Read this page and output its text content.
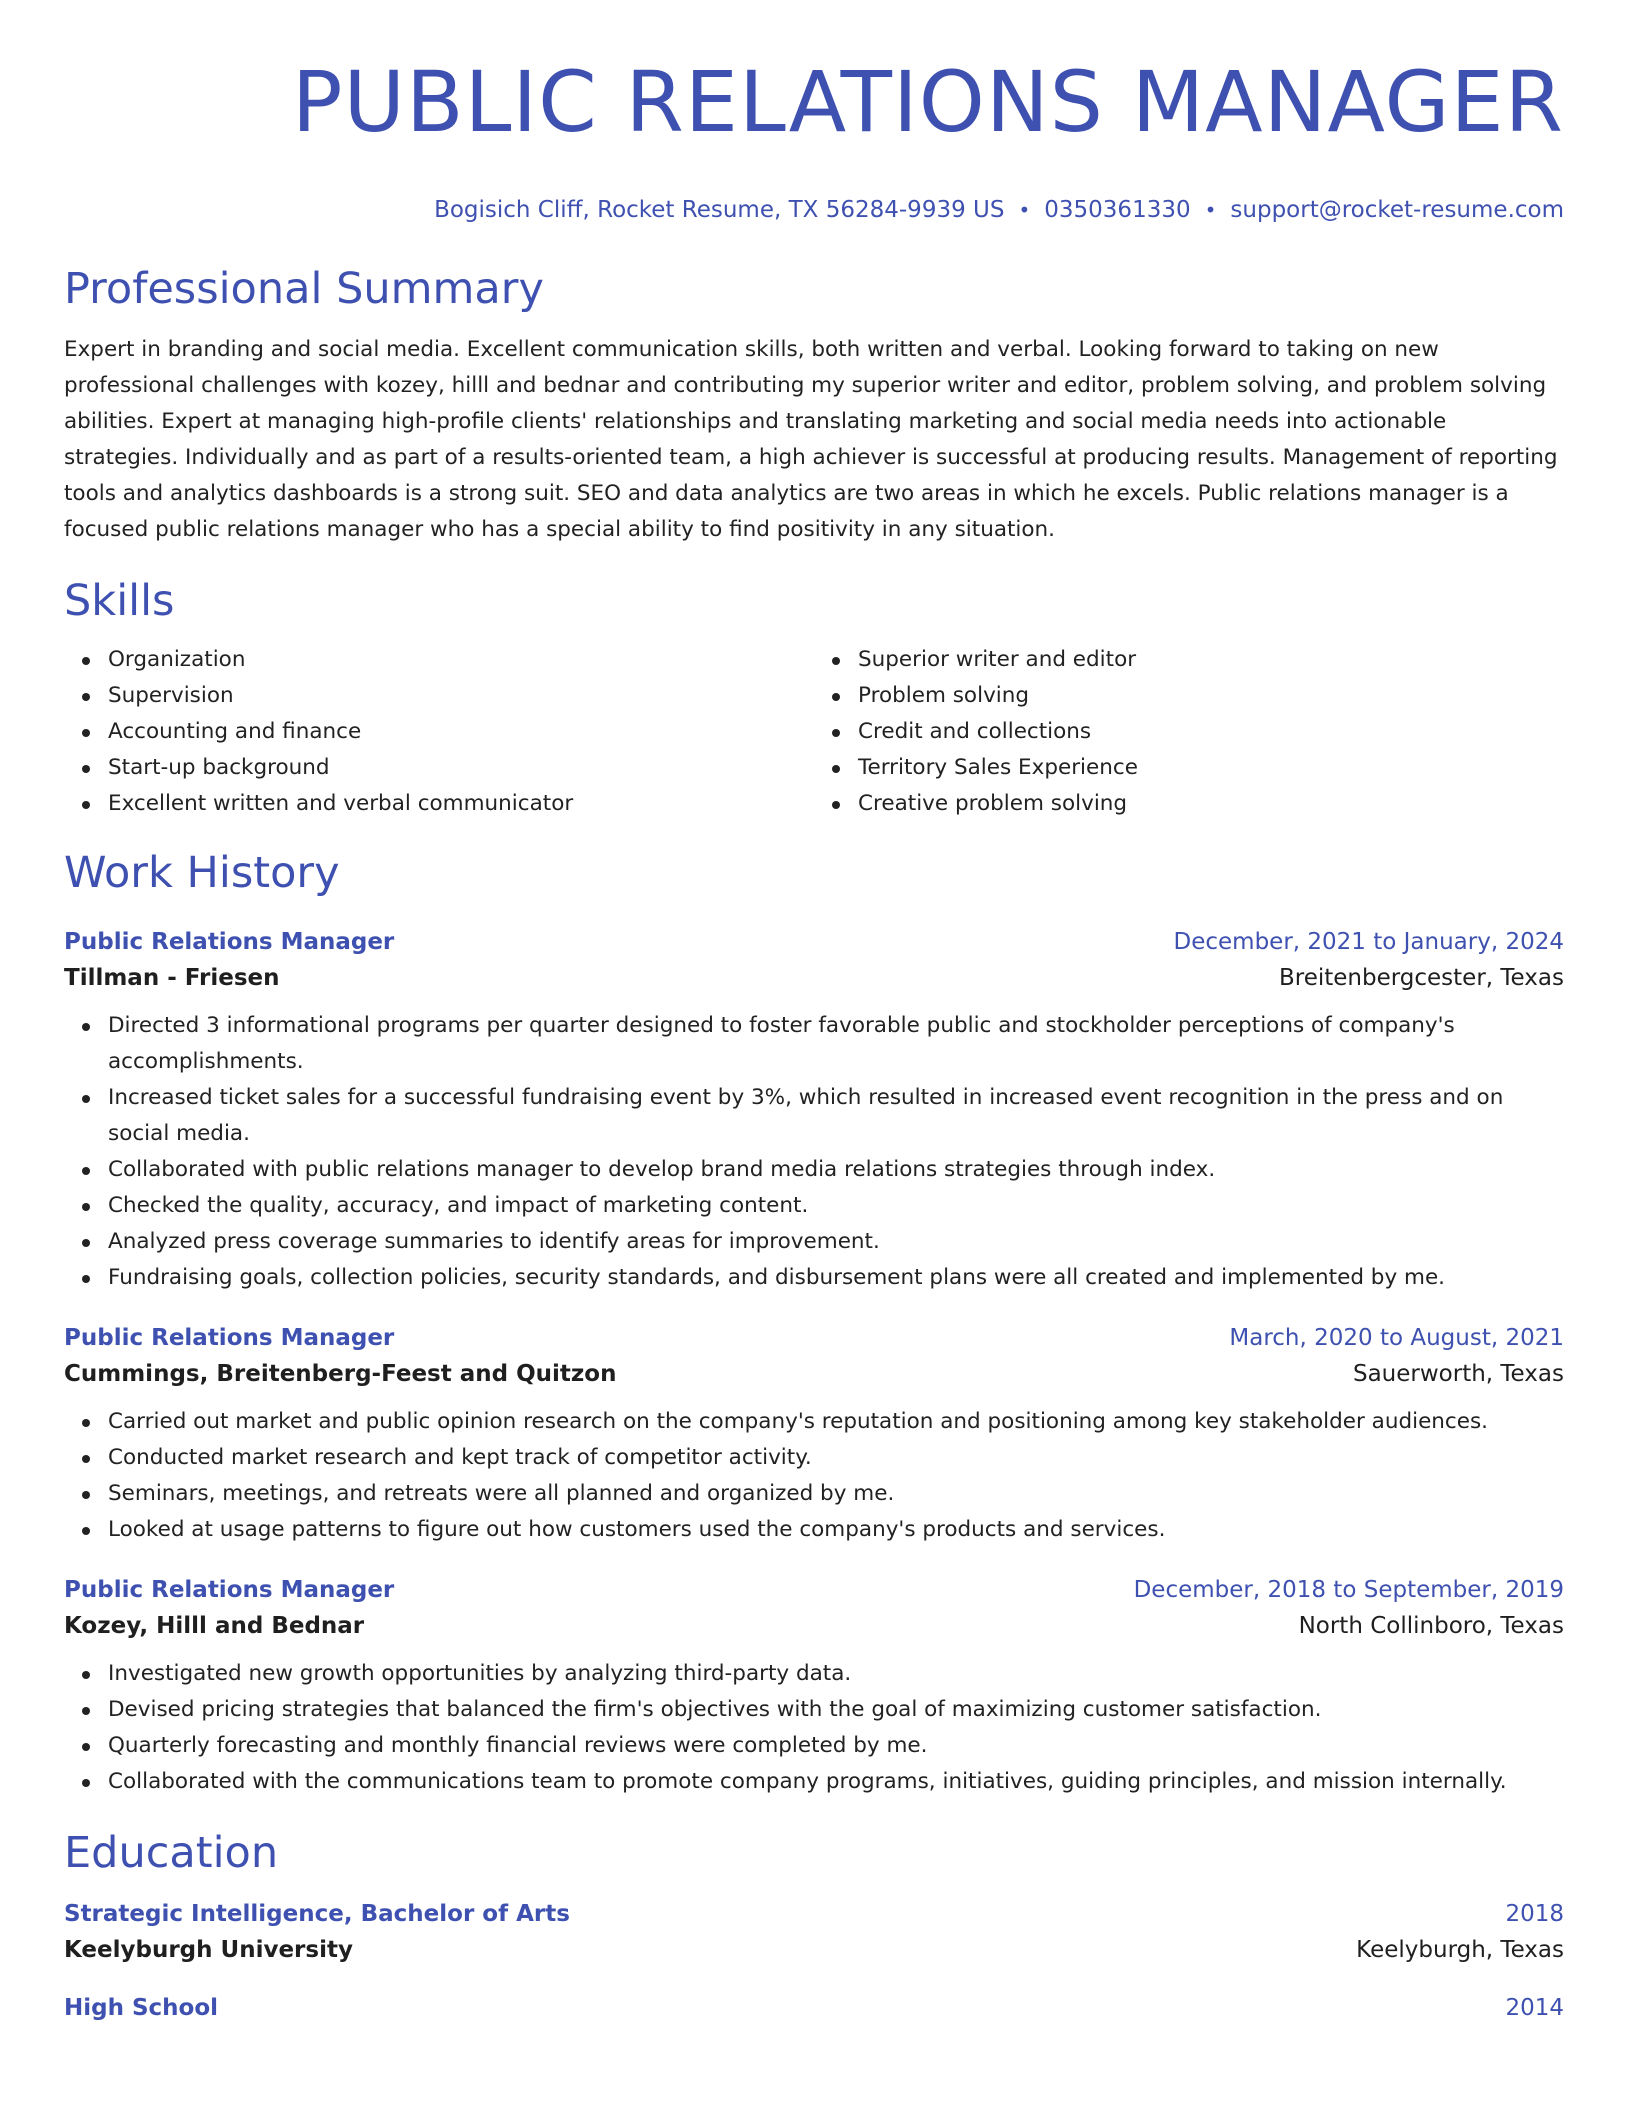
PUBLIC RELATIONS MANAGER
Bogisich Cliff, Rocket Resume, TX 56284-9939 US • 0350361330 • support@rocket-resume.com
Professional Summary
Expert in branding and social media. Excellent communication skills, both written and verbal. Looking forward to taking on new professional challenges with kozey, hilll and bednar and contributing my superior writer and editor, problem solving, and problem solving abilities. Expert at managing high-profile clients' relationships and translating marketing and social media needs into actionable strategies. Individually and as part of a results-oriented team, a high achiever is successful at producing results. Management of reporting tools and analytics dashboards is a strong suit. SEO and data analytics are two areas in which he excels. Public relations manager is a focused public relations manager who has a special ability to find positivity in any situation.
Skills
Organization
Supervision
Accounting and finance
Start-up background
Excellent written and verbal communicator
Superior writer and editor
Problem solving
Credit and collections
Territory Sales Experience
Creative problem solving
Work History
Public Relations Manager	December, 2021 to January, 2024
Tillman - Friesen	Breitenbergcester, Texas
Directed 3 informational programs per quarter designed to foster favorable public and stockholder perceptions of company's accomplishments.
Increased ticket sales for a successful fundraising event by 3%, which resulted in increased event recognition in the press and on social media.
Collaborated with public relations manager to develop brand media relations strategies through index.
Checked the quality, accuracy, and impact of marketing content.
Analyzed press coverage summaries to identify areas for improvement.
Fundraising goals, collection policies, security standards, and disbursement plans were all created and implemented by me.
Public Relations Manager	March, 2020 to August, 2021
Cummings, Breitenberg-Feest and Quitzon	Sauerworth, Texas
Carried out market and public opinion research on the company's reputation and positioning among key stakeholder audiences.
Conducted market research and kept track of competitor activity.
Seminars, meetings, and retreats were all planned and organized by me.
Looked at usage patterns to figure out how customers used the company's products and services.
Public Relations Manager	December, 2018 to September, 2019
Kozey, Hilll and Bednar	North Collinboro, Texas
Investigated new growth opportunities by analyzing third-party data.
Devised pricing strategies that balanced the firm's objectives with the goal of maximizing customer satisfaction.
Quarterly forecasting and monthly financial reviews were completed by me.
Collaborated with the communications team to promote company programs, initiatives, guiding principles, and mission internally.
Education
Strategic Intelligence, Bachelor of Arts	2018
Keelyburgh University	Keelyburgh, Texas
High School	2014
